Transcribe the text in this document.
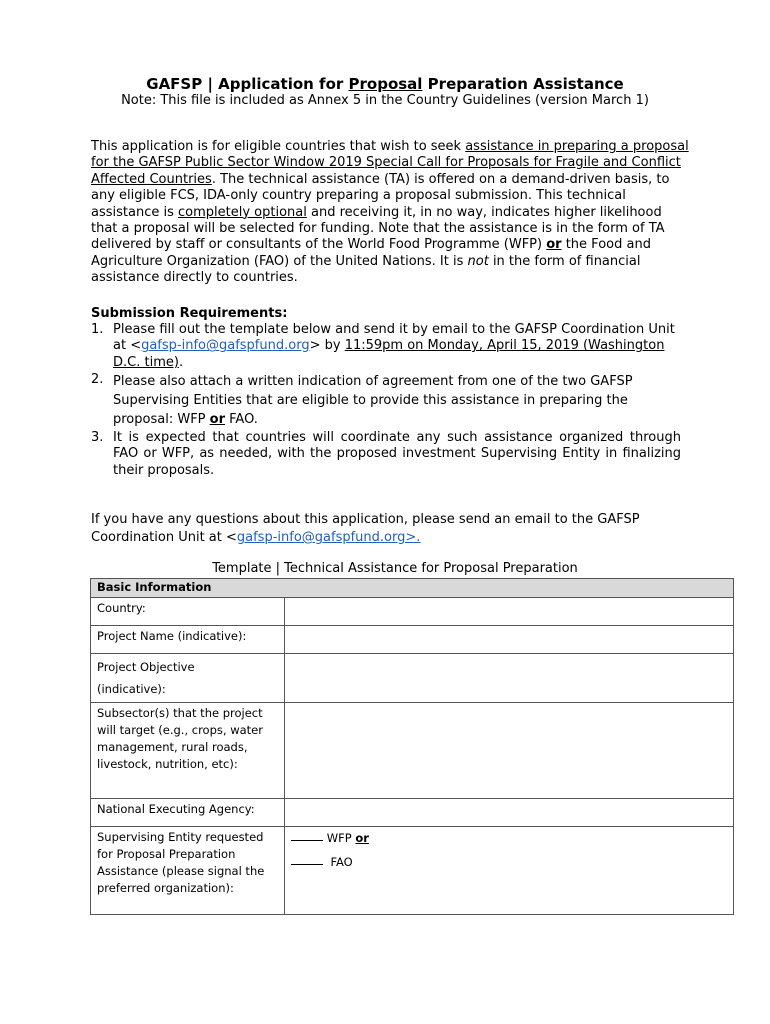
GAFSP | Application for Proposal Preparation Assistance
Note: This file is included as Annex 5 in the Country Guidelines (version March 1)
This application is for eligible countries that wish to seek assistance in preparing a proposal for the GAFSP Public Sector Window 2019 Special Call for Proposals for Fragile and Conflict Affected Countries. The technical assistance (TA) is offered on a demand-driven basis, to any eligible FCS, IDA-only country preparing a proposal submission. This technical assistance is completely optional and receiving it, in no way, indicates higher likelihood that a proposal will be selected for funding. Note that the assistance is in the form of TA delivered by staff or consultants of the World Food Programme (WFP) or the Food and Agriculture Organization (FAO) of the United Nations. It is not in the form of financial assistance directly to countries.
Submission Requirements:
1. Please fill out the template below and send it by email to the GAFSP Coordination Unit at <gafsp-info@gafspfund.org> by 11:59pm on Monday, April 15, 2019 (Washington D.C. time).
2. Please also attach a written indication of agreement from one of the two GAFSP Supervising Entities that are eligible to provide this assistance in preparing the proposal: WFP or FAO.
3. It is expected that countries will coordinate any such assistance organized through FAO or WFP, as needed, with the proposed investment Supervising Entity in finalizing their proposals.
If you have any questions about this application, please send an email to the GAFSP Coordination Unit at <gafsp-info@gafspfund.org>.
Template | Technical Assistance for Proposal Preparation
Basic Information	
Country:	
Project Name (indicative):	
Project Objective
(indicative):	
Subsector(s) that the project will target (e.g., crops, water management, rural roads, livestock, nutrition, etc):	
National Executing Agency:	
Supervising Entity requested for Proposal Preparation Assistance (please signal the preferred organization):	WFP or
FAO
